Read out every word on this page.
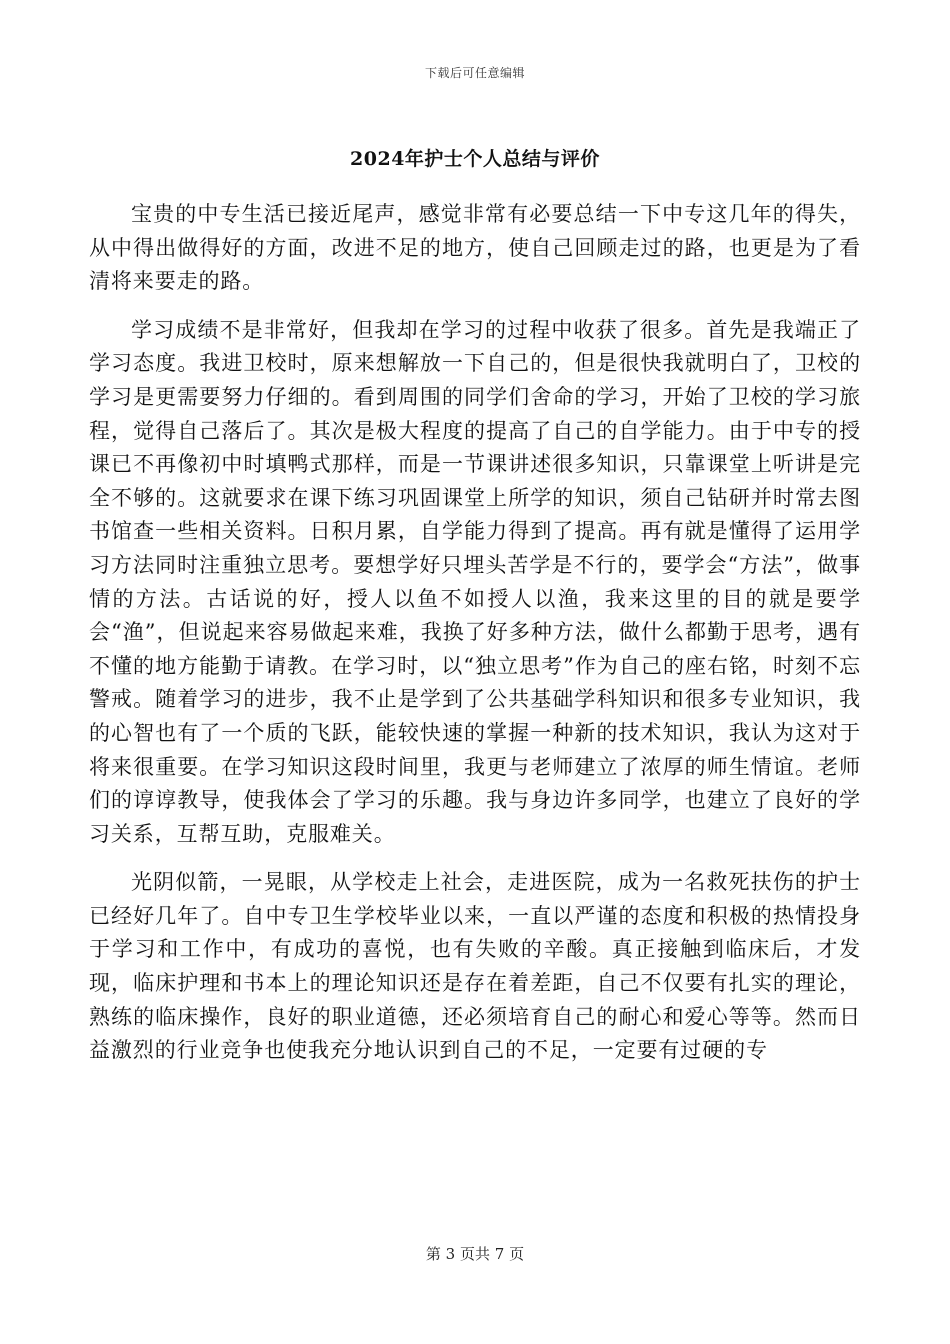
下载后可任意编辑
2024年护士个人总结与评价

宝贵的中专生活已接近尾声，感觉非常有必要总结一下中专这几年的得失，从中得出做得好的方面，改进不足的地方，使自己回顾走过的路，也更是为了看清将来要走的路。

学习成绩不是非常好，但我却在学习的过程中收获了很多。首先是我端正了学习态度。我进卫校时，原来想解放一下自己的，但是很快我就明白了，卫校的学习是更需要努力仔细的。看到周围的同学们舍命的学习，开始了卫校的学习旅程，觉得自己落后了。其次是极大程度的提高了自己的自学能力。由于中专的授课已不再像初中时填鸭式那样，而是一节课讲述很多知识，只靠课堂上听讲是完全不够的。这就要求在课下练习巩固课堂上所学的知识，须自己钻研并时常去图书馆查一些相关资料。日积月累，自学能力得到了提高。再有就是懂得了运用学习方法同时注重独立思考。要想学好只埋头苦学是不行的，要学会“方法”，做事情的方法。古话说的好，授人以鱼不如授人以渔，我来这里的目的就是要学会“渔”，但说起来容易做起来难，我换了好多种方法，做什么都勤于思考，遇有不懂的地方能勤于请教。在学习时，以“独立思考”作为自己的座右铭，时刻不忘警戒。随着学习的进步，我不止是学到了公共基础学科知识和很多专业知识，我的心智也有了一个质的飞跃，能较快速的掌握一种新的技术知识，我认为这对于将来很重要。在学习知识这段时间里，我更与老师建立了浓厚的师生情谊。老师们的谆谆教导，使我体会了学习的乐趣。我与身边许多同学，也建立了良好的学习关系，互帮互助，克服难关。

光阴似箭，一晃眼，从学校走上社会，走进医院，成为一名救死扶伤的护士已经好几年了。自中专卫生学校毕业以来，一直以严谨的态度和积极的热情投身于学习和工作中，有成功的喜悦，也有失败的辛酸。真正接触到临床后，才发现，临床护理和书本上的理论知识还是存在着差距，自己不仅要有扎实的理论，熟练的临床操作，良好的职业道德，还必须培育自己的耐心和爱心等等。然而日益激烈的行业竞争也使我充分地认识到自己的不足，一定要有过硬的专

第 3 页共 7 页
